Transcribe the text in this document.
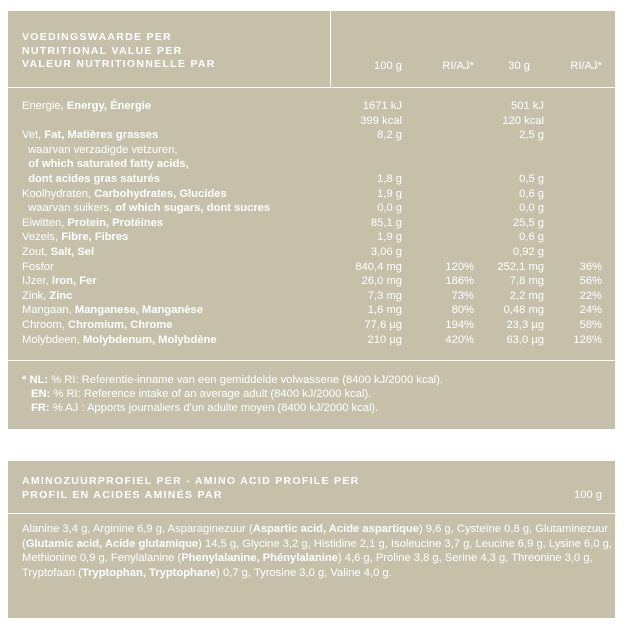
VOEDINGSWAARDE PER
NUTRITIONAL VALUE PER
VALEUR NUTRITIONNELLE PAR	100 g	RI/AJ*	30 g	RI/AJ*
Energie, Energy, Énergie	1671 kJ	501 kJ
399 kcal	120 kcal
Vet, Fat, Matières grasses	8,2 g	2,5 g
waarvan verzadigde vetzuren,
of which saturated fatty acids,
dont acides gras saturés	1,8 g	0,5 g
Koolhydraten, Carbohydrates, Glucides	1,9 g	0,6 g
waarvan suikers, of which sugars, dont sucres	0,0 g	0,0 g
Eiwitten, Protein, Protéines	85,1 g	25,5 g
Vezels, Fibre, Fibres	1,9 g	0,6 g
Zout, Salt, Sel	3,06 g	0,92 g
Fosfor	840,4 mg	120%	252,1 mg	36%
IJzer, Iron, Fer	26,0 mg	186%	7,8 mg	56%
Zink, Zinc	7,3 mg	73%	2,2 mg	22%
Mangaan, Manganese, Manganèse	1,6 mg	80%	0,48 mg	24%
Chroom, Chromium, Chrome	77,6 µg	194%	23,3 µg	58%
Molybdeen, Molybdenum, Molybdène	210 µg	420%	63,0 µg	126%
* NL: % RI: Referentie-inname van een gemiddelde volwassene (8400 kJ/2000 kcal).
EN: % RI: Reference intake of an average adult (8400 kJ/2000 kcal).
FR: % AJ : Apports journaliers d'un adulte moyen (8400 kJ/2000 kcal).
AMINOZUURPROFIEL PER - AMINO ACID PROFILE PER
PROFIL EN ACIDES AMINÉS PAR	100 g
Alanine 3,4 g, Arginine 6,9 g, Asparaginezuur (Aspartic acid, Acide aspartique) 9,6 g, Cysteïne 0,8 g, Glutaminezuur (Glutamic acid, Acide glutamique) 14,5 g, Glycine 3,2 g, Histidine 2,1 g, Isoleucine 3,7 g, Leucine 6,9 g, Lysine 6,0 g, Methionine 0,9 g, Fenylalanine (Phenylalanine, Phénylalanine) 4,6 g, Proline 3,8 g, Serine 4,3 g, Threonine 3,0 g, Tryptofaan (Tryptophan, Tryptophane) 0,7 g, Tyrosine 3,0 g, Valine 4,0 g.
